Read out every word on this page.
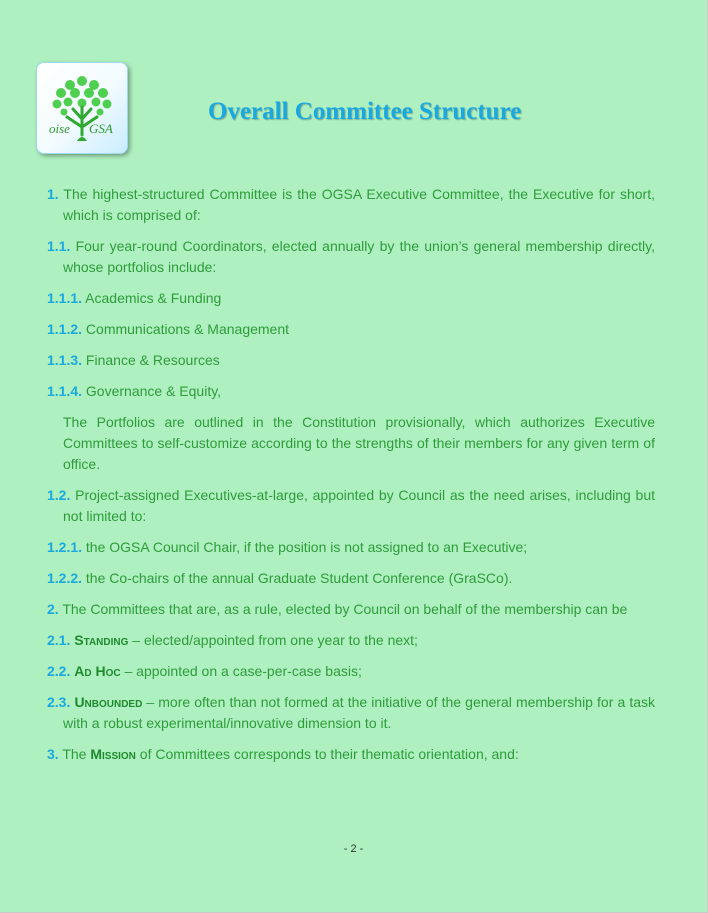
oise GSA
Overall Committee Structure

1. The highest-structured Committee is the OGSA Executive Committee, the Executive for short, which is comprised of:

1.1. Four year-round Coordinators, elected annually by the union’s general membership directly, whose portfolios include:

1.1.1. Academics & Funding

1.1.2. Communications & Management

1.1.3. Finance & Resources

1.1.4. Governance & Equity,

The Portfolios are outlined in the Constitution provisionally, which authorizes Executive Committees to self-customize according to the strengths of their members for any given term of office.

1.2. Project-assigned Executives-at-large, appointed by Council as the need arises, including but not limited to:

1.2.1. the OGSA Council Chair, if the position is not assigned to an Executive;

1.2.2. the Co-chairs of the annual Graduate Student Conference (GraSCo).

2. The Committees that are, as a rule, elected by Council on behalf of the membership can be

2.1. Standing – elected/appointed from one year to the next;

2.2. Ad Hoc – appointed on a case-per-case basis;

2.3. Unbounded – more often than not formed at the initiative of the general membership for a task with a robust experimental/innovative dimension to it.

3. The Mission of Committees corresponds to their thematic orientation, and:

- 2 -
